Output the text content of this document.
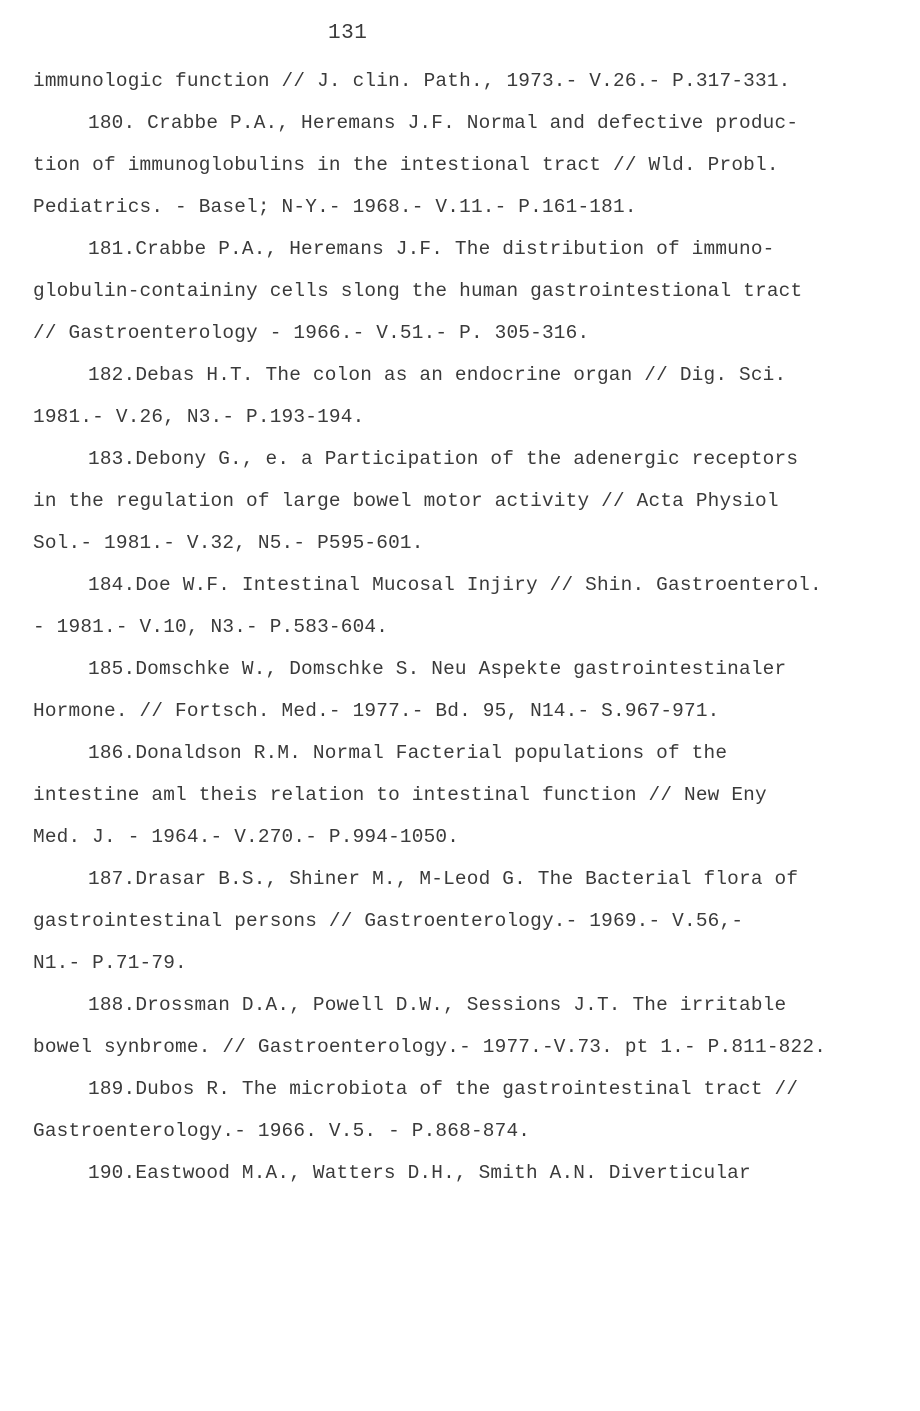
131
immunologic function // J. clin. Path., 1973.- V.26.- P.317-331.
180. Crabbe P.A., Heremans J.F. Normal and defective produc-
tion of immunoglobulins in the intestional tract // Wld. Probl.
Pediatrics. - Basel; N-Y.- 1968.- V.11.- P.161-181.
181.Crabbe P.A., Heremans J.F. The distribution of immuno-
globulin-containiny cells slong the human gastrointestional tract
// Gastroenterology - 1966.- V.51.- P. 305-316.
182.Debas H.T. The colon as an endocrine organ // Dig. Sci.
1981.- V.26, N3.- P.193-194.
183.Debony G., e. a Participation of the adenergic receptors
in the regulation of large bowel motor activity // Acta Physiol
Sol.- 1981.- V.32, N5.- P595-601.
184.Doe W.F. Intestinal Mucosal Injiry // Shin. Gastroenterol.
- 1981.- V.10, N3.- P.583-604.
185.Domschke W., Domschke S. Neu Aspekte gastrointestinaler
Hormone. // Fortsch. Med.- 1977.- Bd. 95, N14.- S.967-971.
186.Donaldson R.M. Normal Facterial populations of the
intestine aml theis relation to intestinal function // New Eny
Med. J. - 1964.- V.270.- P.994-1050.
187.Drasar B.S., Shiner M., M-Leod G. The Bacterial flora of
gastrointestinal persons // Gastroenterology.- 1969.- V.56,-
N1.- P.71-79.
188.Drossman D.A., Powell D.W., Sessions J.T. The irritable
bowel synbrome. // Gastroenterology.- 1977.-V.73. pt 1.- P.811-822.
189.Dubos R. The microbiota of the gastrointestinal tract //
Gastroenterology.- 1966. V.5. - P.868-874.
190.Eastwood M.A., Watters D.H., Smith A.N. Diverticular
